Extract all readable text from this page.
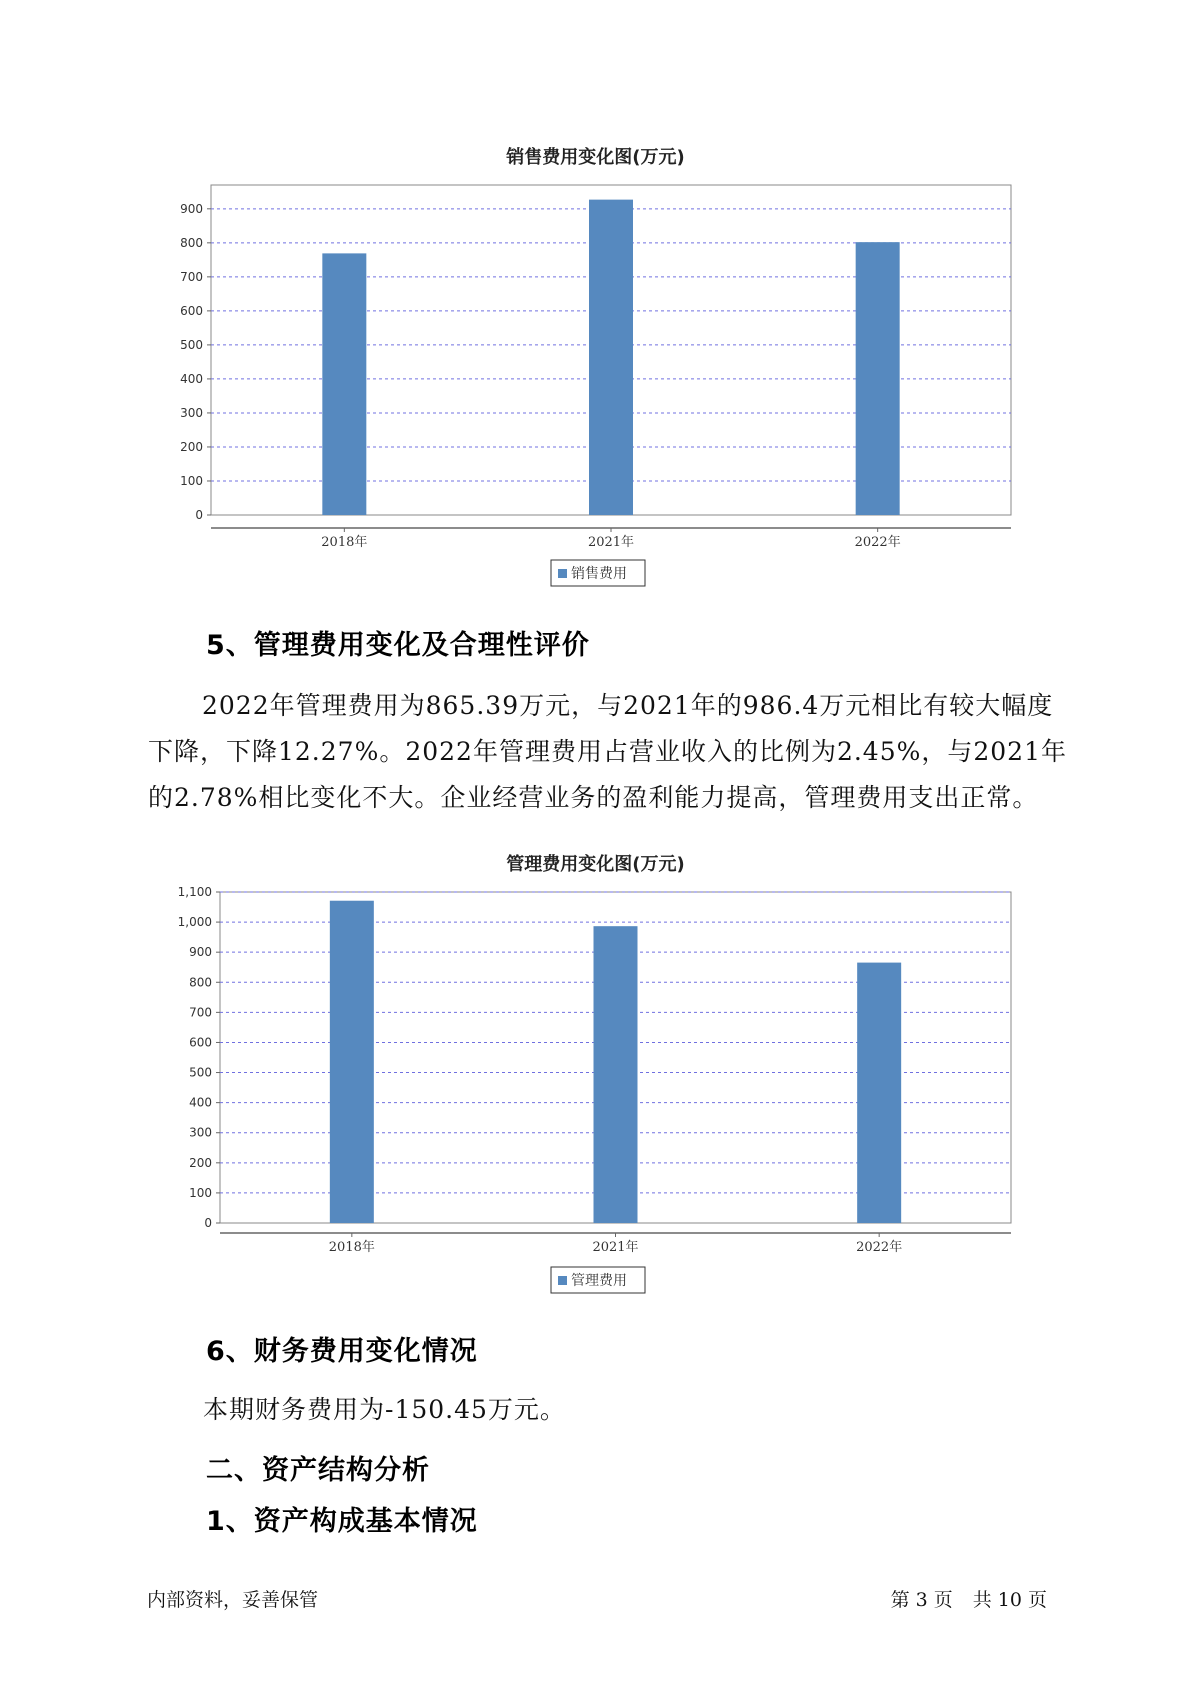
销售费用变化图(万元)
0
100
200
300
400
500
600
700
800
900
2018年	2021年	2022年
销售费用
5、管理费用变化及合理性评价
2022年管理费用为865.39万元，与2021年的986.4万元相比有较大幅度下降，下降12.27%。2022年管理费用占营业收入的比例为2.45%，与2021年的2.78%相比变化不大。企业经营业务的盈利能力提高，管理费用支出正常。
管理费用变化图(万元)
0
100
200
300
400
500
600
700
800
900
1,000
1,100
2018年	2021年	2022年
管理费用
6、财务费用变化情况
本期财务费用为-150.45万元。
二、资产结构分析
1、资产构成基本情况
内部资料，妥善保管	第 3 页 共 10 页
